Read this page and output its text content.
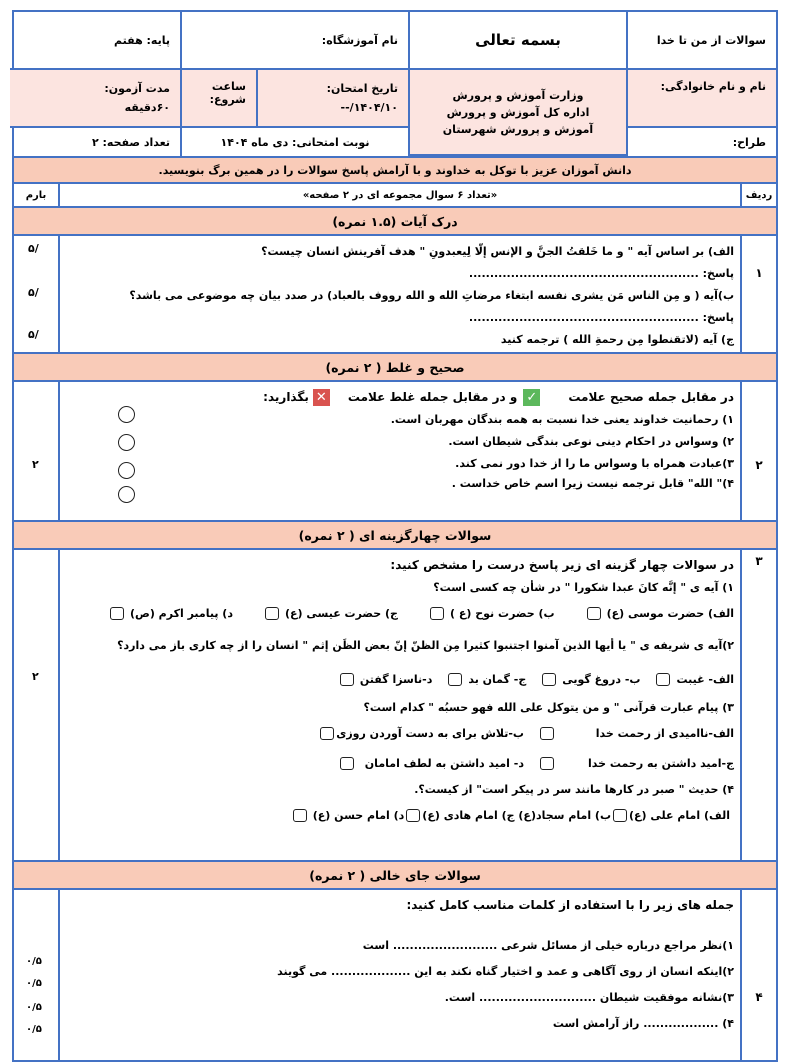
سوالات از من تا خدا
بسمه تعالی
نام آموزشگاه:
پایه: هفتم
نام و نام خانوادگی:
وزارت آموزش و پرورش
اداره کل آموزش و پرورش
آموزش و پرورش شهرستان
تاریخ امتحان:
۱۴۰۴/۱۰/--
ساعت شروع:
مدت آزمون:
۶۰دقیقه
طراح:
نوبت امتحانی: دی ماه ۱۴۰۴
تعداد صفحه: ۲
دانش آموزان عزیز با توکل به خداوند و با آرامش پاسخ سوالات را در همین برگ بنویسید.
ردیف
«تعداد ۶ سوال مجموعه ای در ۲ صفحه»
بارم
درک آیات (۱.۵ نمره)
۱
الف) بر اساس آیه " و ما خَلقتُ الجنَّ و الإنس إلّا لِیعبدونِ " هدف آفرینش انسان چیست؟
پاسخ: .......................................................
ب)آیه ( و مِن الناس مَن یشری نفسه ابتغاء مرضاتِ الله و الله رووف بالعباد) در صدد بیان چه موضوعی می باشد؟
پاسخ: .......................................................
ج) آیه (لاتقنطوا مِن رحمةِ الله ) ترجمه کنید
/۵
/۵
/۵
صحیح و غلط ( ۲ نمره)
۲
در مقابل جمله صحیح علامت
✓
و در مقابل جمله غلط علامت
✕
بگذارید:
۱) رحمانیت خداوند یعنی خدا نسبت به همه بندگان مهربان است.
۲) وسواس در احکام دینی نوعی بندگی شیطان است.
۳)عبادت همراه با وسواس ما را از خدا دور نمی کند.
۴)" الله" قابل ترجمه نیست زیرا اسم خاص خداست .
۲
سوالات چهارگزینه ای ( ۲ نمره)
۳
در سوالات چهار گزینه ای زیر پاسخ درست را مشخص کنید:
۱) آیه ی " إنَّه کانَ عبدا شکورا " در شأن چه کسی است؟
الف) حضرت موسی (ع)
ب) حضرت نوح (ع )
ج) حضرت عیسی (ع)
د) پیامبر اکرم (ص)
۲)آیه ی شریفه ی " یا أیها الذین آمنوا اجتنبوا کثیرا مِن الظنّ إنّ بعض الظَن إثم " انسان را از چه کاری باز می دارد؟
الف- غیبت
ب- دروغ گویی
ج- گمان بد
د-ناسزا گفتن
۳) پیام عبارت قرآنی " و من یتوکل علی الله فهو حسبُه " کدام است؟
الف-ناامیدی از رحمت خدا
ب-تلاش برای به دست آوردن روزی
ج-امید داشتن به رحمت خدا
د- امید داشتن به لطف امامان
۴) حدیث " صبر در کارها مانند سر در پیکر است" از کیست؟.
الف) امام علی (ع)
ب) امام سجاد(ع) ج) امام هادی (ع)
د) امام حسن (ع)
۲
سوالات جای خالی ( ۲ نمره)
۴
جمله های زیر را با استفاده از کلمات مناسب کامل کنید:
۱)نظر مراجع درباره خیلی از مسائل شرعی ......................... است
۲)اینکه انسان از روی آگاهی و عمد و اختیار گناه نکند به این ................... می گویند
۳)نشانه موفقیت شیطان ............................ است.
۴) .................. راز آرامش است
۰/۵
۰/۵
۰/۵
۰/۵
